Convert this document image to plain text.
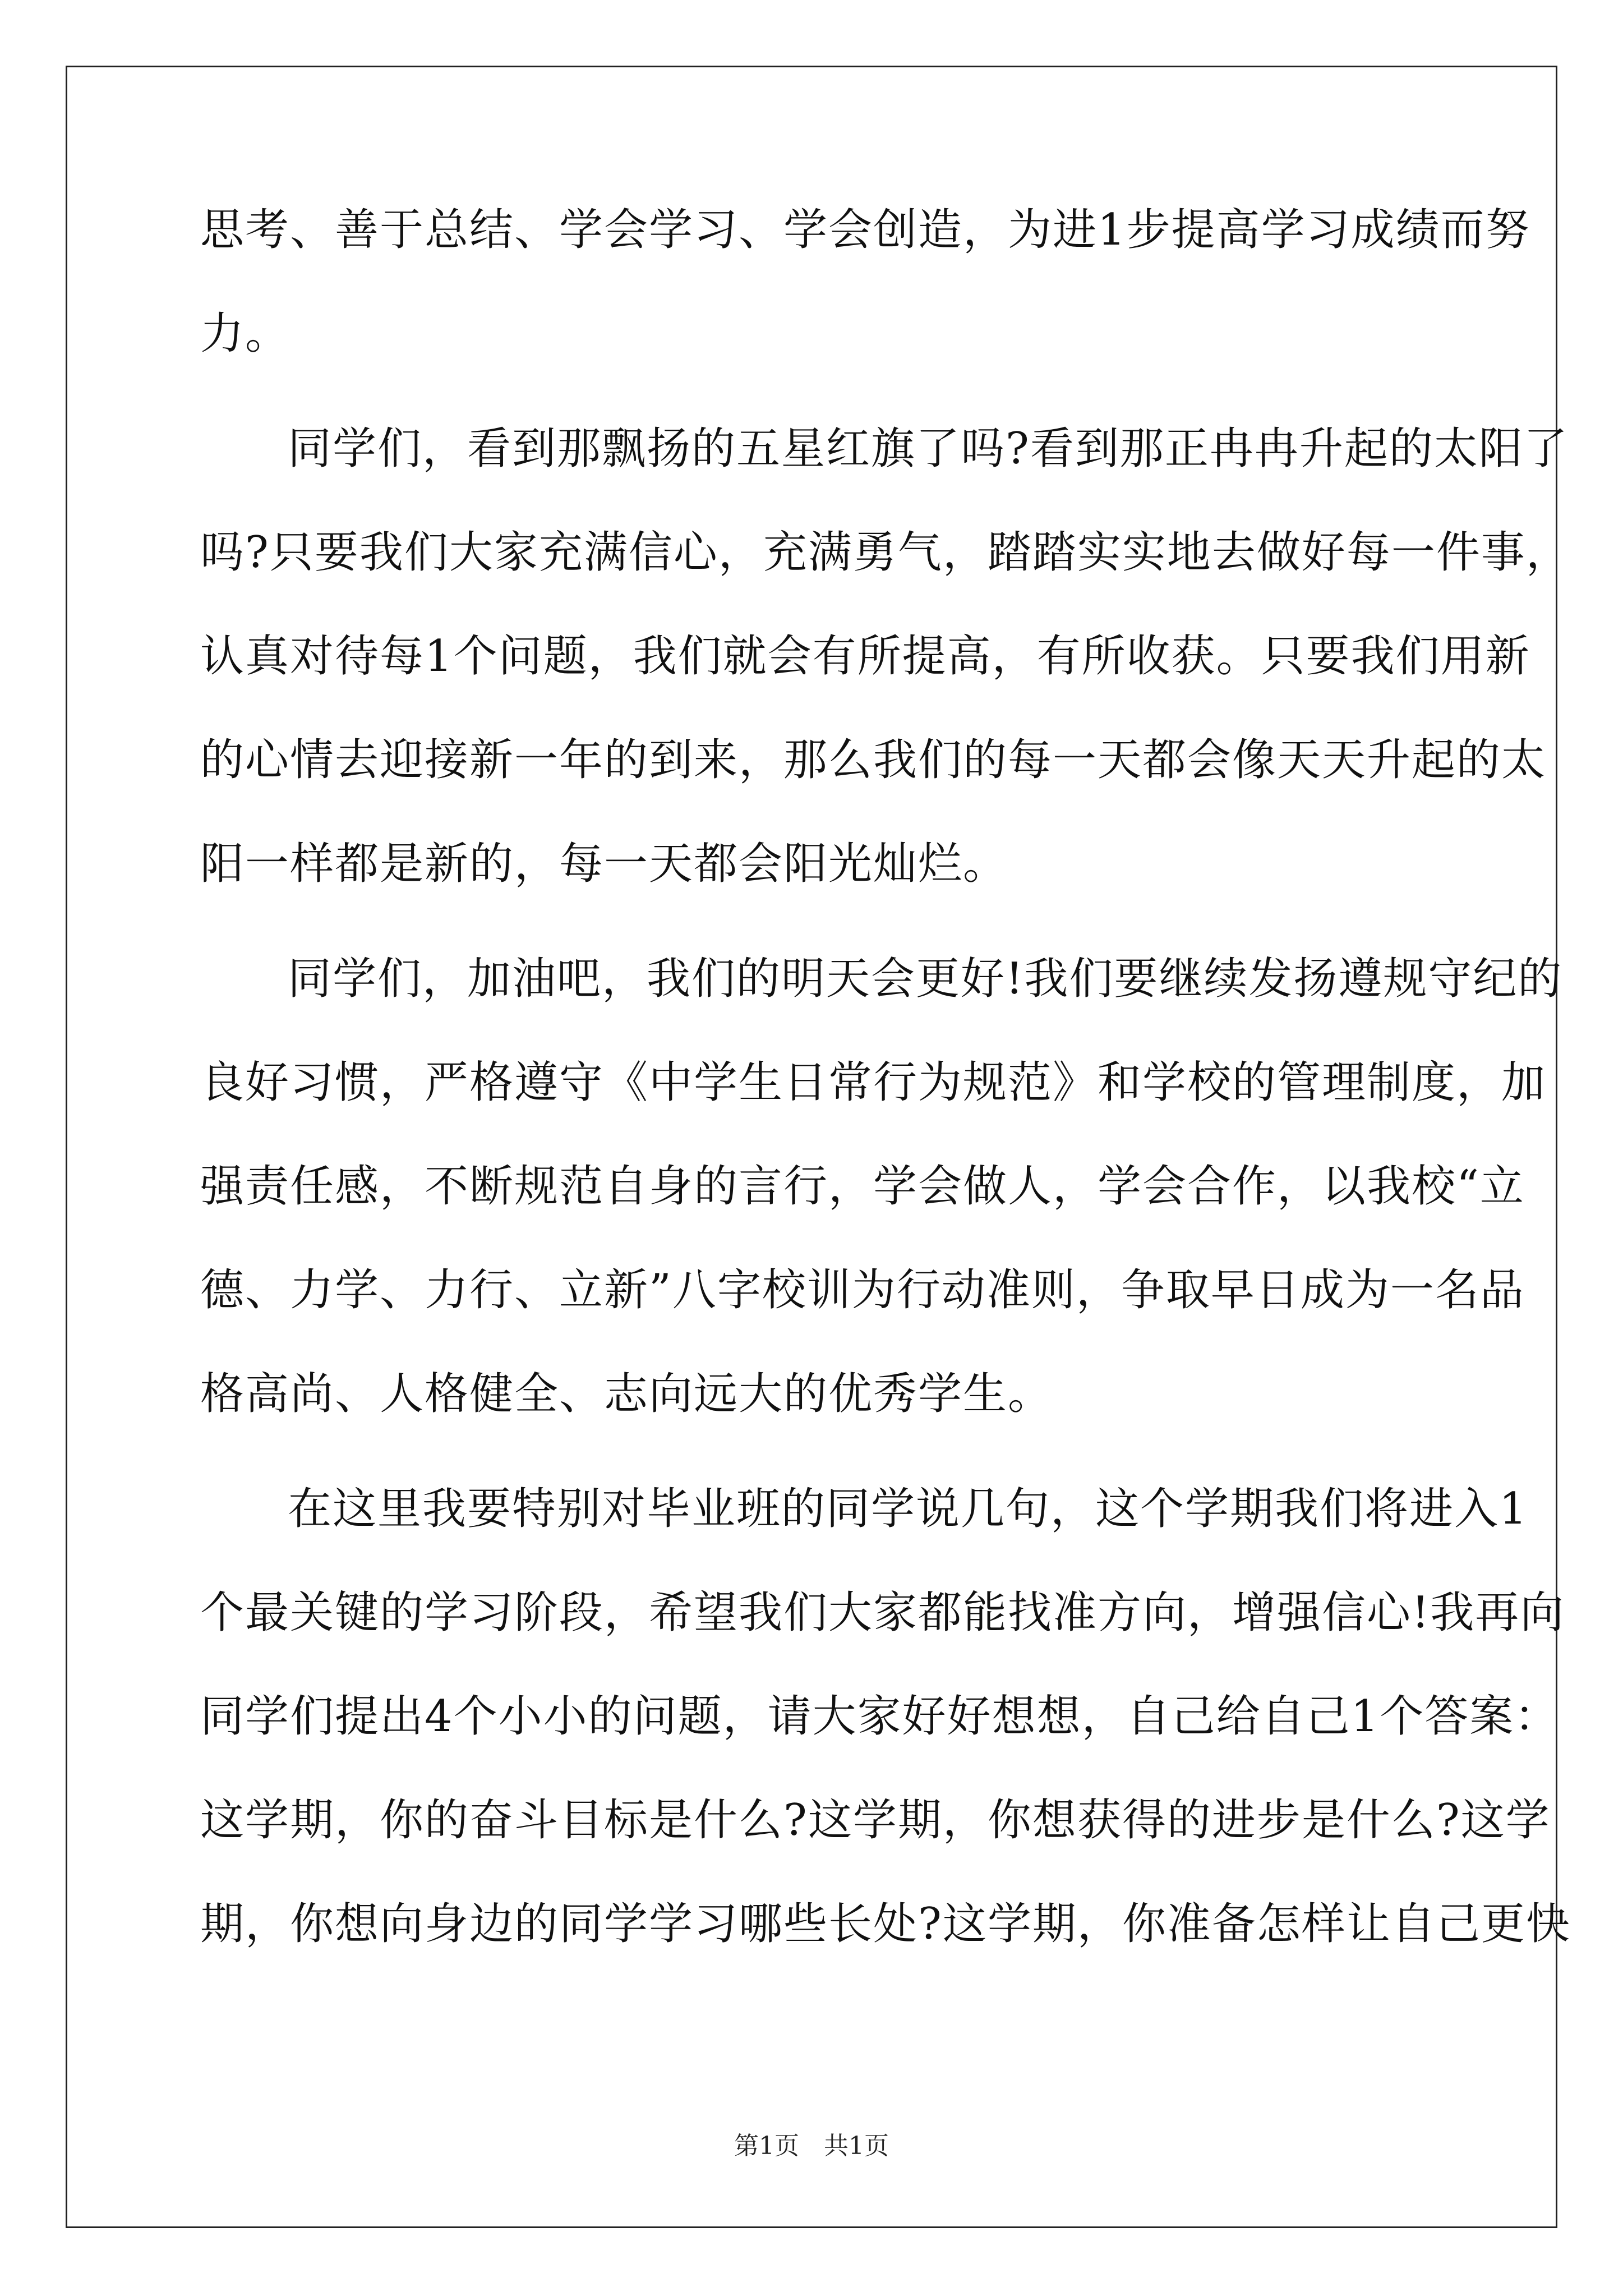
思考、善于总结、学会学习、学会创造，为进1步提高学习成绩而努
力。
同学们，看到那飘扬的五星红旗了吗?看到那正冉冉升起的太阳了
吗?只要我们大家充满信心，充满勇气，踏踏实实地去做好每一件事，
认真对待每1个问题，我们就会有所提高，有所收获。只要我们用新
的心情去迎接新一年的到来，那么我们的每一天都会像天天升起的太
阳一样都是新的，每一天都会阳光灿烂。
同学们，加油吧，我们的明天会更好!我们要继续发扬遵规守纪的
良好习惯，严格遵守《中学生日常行为规范》和学校的管理制度，加
强责任感，不断规范自身的言行，学会做人，学会合作，以我校“立
德、力学、力行、立新”八字校训为行动准则，争取早日成为一名品
格高尚、人格健全、志向远大的优秀学生。
在这里我要特别对毕业班的同学说几句，这个学期我们将进入1
个最关键的学习阶段，希望我们大家都能找准方向，增强信心!我再向
同学们提出4个小小的问题，请大家好好想想，自己给自己1个答案：
这学期，你的奋斗目标是什么?这学期，你想获得的进步是什么?这学
期，你想向身边的同学学习哪些长处?这学期，你准备怎样让自己更快
第1页　共1页
